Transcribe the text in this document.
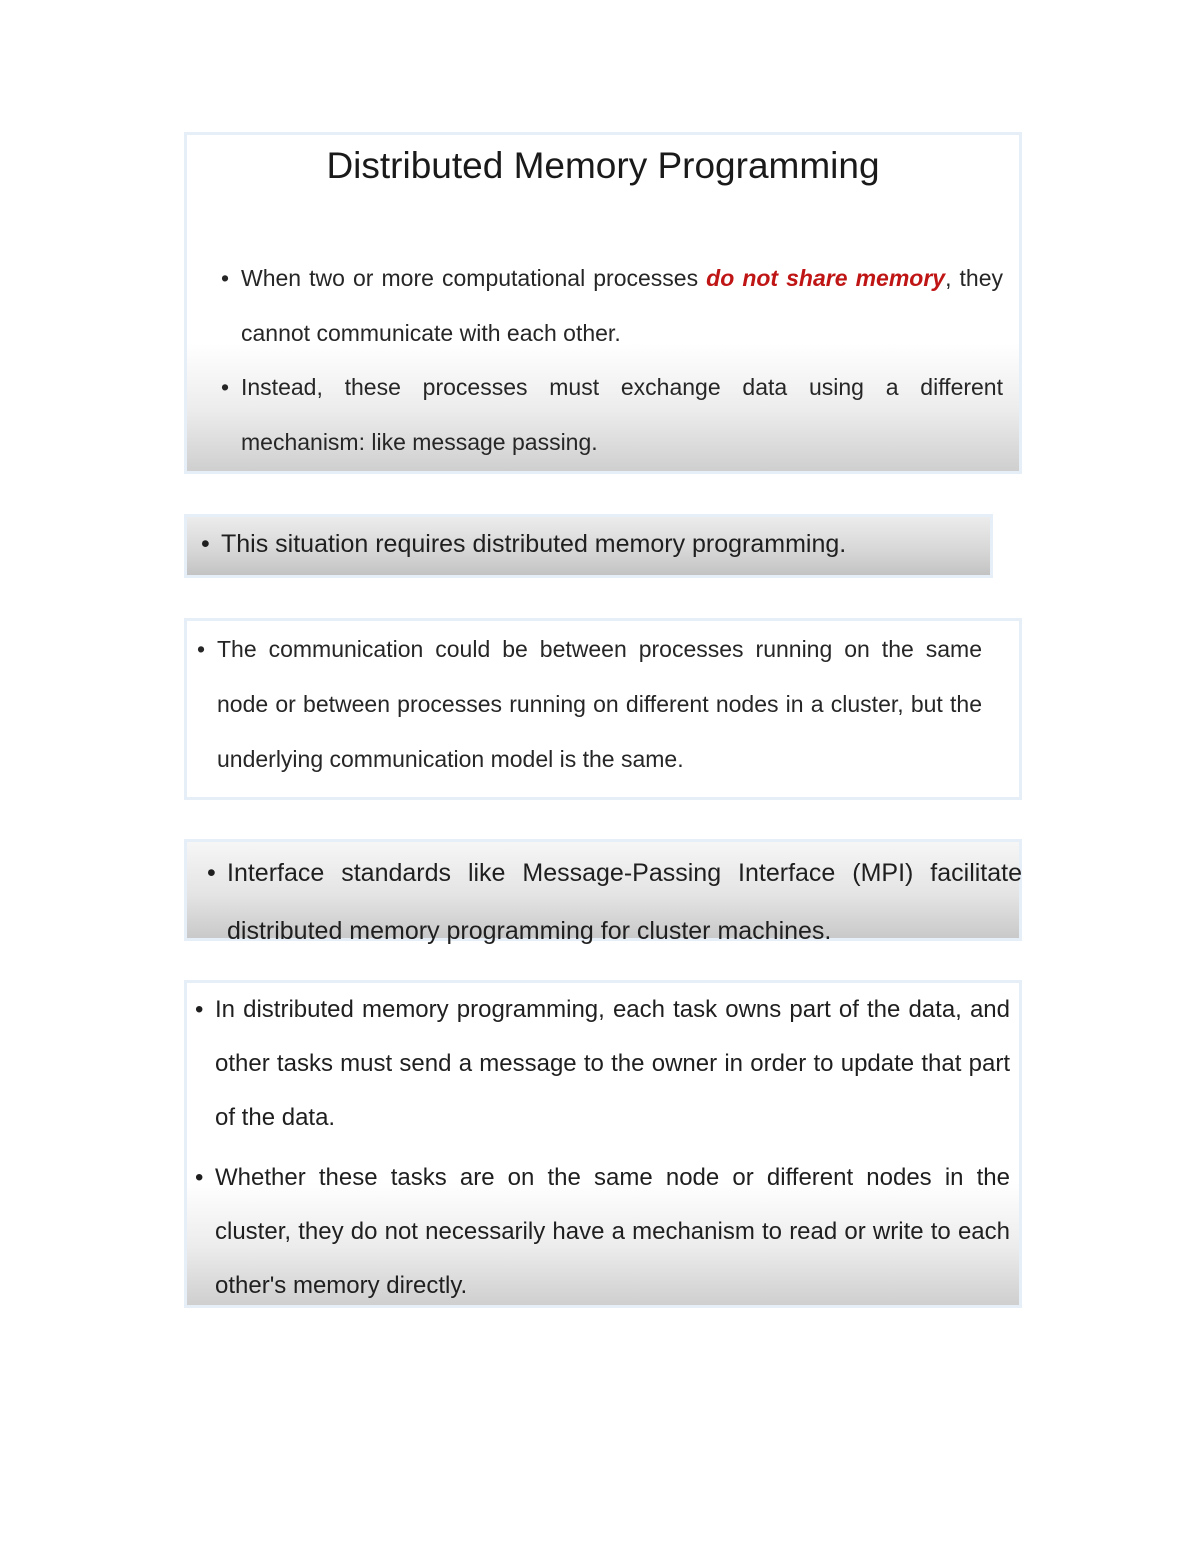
Distributed Memory Programming

• When two or more computational processes do not share memory, they cannot communicate with each other.

• Instead, these processes must exchange data using a different mechanism: like message passing.

• This situation requires distributed memory programming.

• The communication could be between processes running on the same node or between processes running on different nodes in a cluster, but the underlying communication model is the same.

• Interface standards like Message-Passing Interface (MPI) facilitate distributed memory programming for cluster machines.

• In distributed memory programming, each task owns part of the data, and other tasks must send a message to the owner in order to update that part of the data.

• Whether these tasks are on the same node or different nodes in the cluster, they do not necessarily have a mechanism to read or write to each other's memory directly.
